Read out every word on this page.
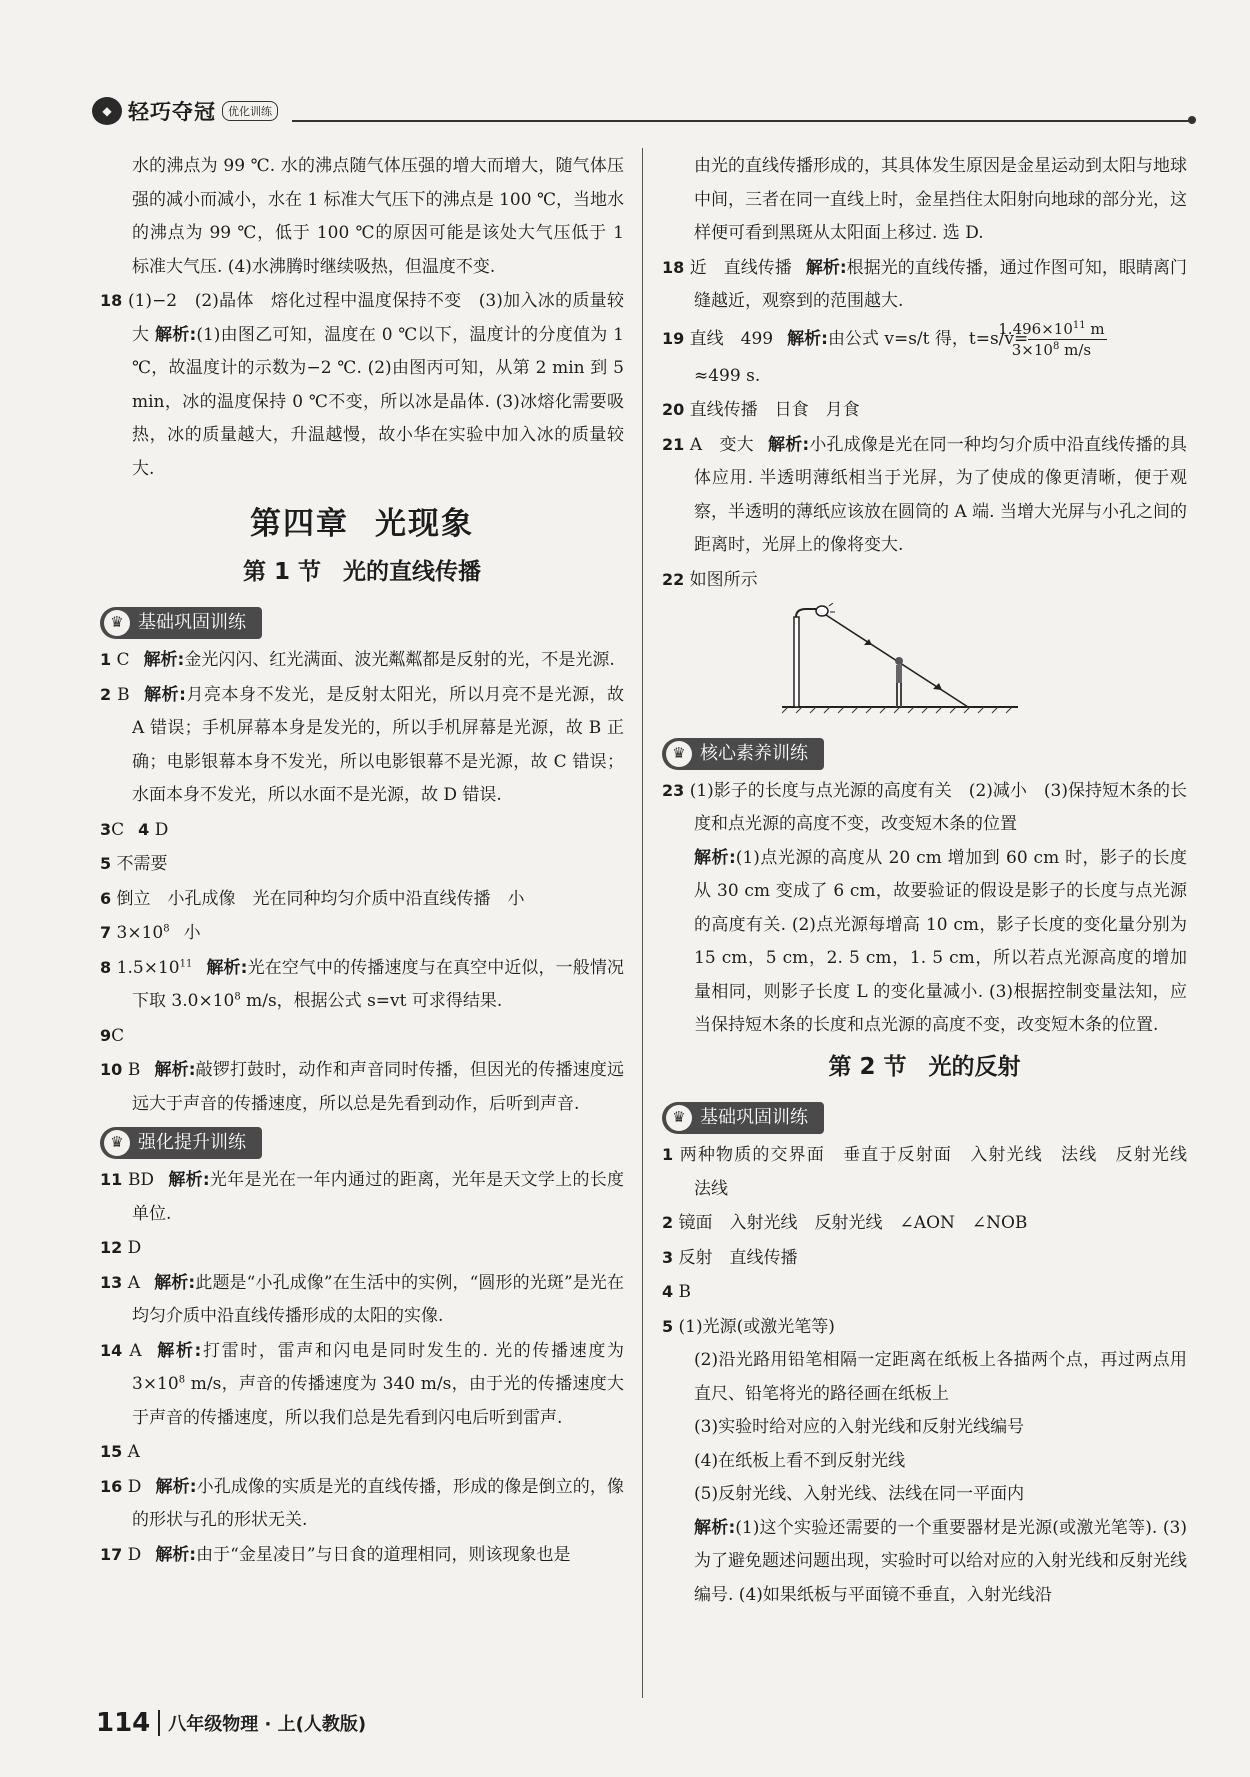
◆ 轻巧夺冠	优化训练

水的沸点为 99 ℃. 水的沸点随气体压强的增大而增大，随气体压强的减小而减小，水在 1 标准大气压下的沸点是 100 ℃，当地水的沸点为 99 ℃，低于 100 ℃的原因可能是该处大气压低于 1 标准大气压. (4)水沸腾时继续吸热，但温度不变.

18 (1)−2　(2)晶体　熔化过程中温度保持不变　(3)加入冰的质量较大 解析:(1)由图乙可知，温度在 0 ℃以下，温度计的分度值为 1 ℃，故温度计的示数为−2 ℃. (2)由图丙可知，从第 2 min 到 5 min，冰的温度保持 0 ℃不变，所以冰是晶体. (3)冰熔化需要吸热，冰的质量越大，升温越慢，故小华在实验中加入冰的质量较大.

第四章 光现象
第 1 节 光的直线传播
♛ 基础巩固训练

1 C 解析:金光闪闪、红光满面、波光粼粼都是反射的光，不是光源.

2 B 解析:月亮本身不发光，是反射太阳光，所以月亮不是光源，故 A 错误；手机屏幕本身是发光的，所以手机屏幕是光源，故 B 正确；电影银幕本身不发光，所以电影银幕不是光源，故 C 错误；水面本身不发光，所以水面不是光源，故 D 错误.

3C 4 D

5 不需要

6 倒立　小孔成像　光在同种均匀介质中沿直线传播　小

7 $3\times 10^8$ 小

8 $1.5\times 10^{11}$ 解析:光在空气中的传播速度与在真空中近似，一般情况下取 $3.0\times 10^8$ m/s，根据公式 s=vt 可求得结果.

9C

10 B 解析:敲锣打鼓时，动作和声音同时传播，但因光的传播速度远远大于声音的传播速度，所以总是先看到动作，后听到声音.

♛ 强化提升训练

11 BD 解析:光年是光在一年内通过的距离，光年是天文学上的长度单位.

12 D

13 A 解析:此题是“小孔成像”在生活中的实例，“圆形的光斑”是光在均匀介质中沿直线传播形成的太阳的实像.

14 A 解析:打雷时，雷声和闪电是同时发生的. 光的传播速度为 $3\times 10^8$ m/s，声音的传播速度为 340 m/s，由于光的传播速度大于声音的传播速度，所以我们总是先看到闪电后听到雷声.

15 A

16 D 解析:小孔成像的实质是光的直线传播，形成的像是倒立的，像的形状与孔的形状无关.

17 D 解析:由于“金星凌日”与日食的道理相同，则该现象也是

由光的直线传播形成的，其具体发生原因是金星运动到太阳与地球中间，三者在同一直线上时，金星挡住太阳射向地球的部分光，这样便可看到黑斑从太阳面上移过. 选 D.

18 近　直线传播 解析:根据光的直线传播，通过作图可知，眼睛离门缝越近，观察到的范围越大.

19 直线　499 解析:由公式 v=s/t 得，$t=s/v= \frac{1.496\times 10^{11} m}{3\times 10^8 m/s}$

≈499 s.

20 直线传播　日食　月食

21 A　变大 解析:小孔成像是光在同一种均匀介质中沿直线传播的具体应用. 半透明薄纸相当于光屏，为了使成的像更清晰，便于观察，半透明的薄纸应该放在圆筒的 A 端. 当增大光屏与小孔之间的距离时，光屏上的像将变大.

22 如图所示

♛ 核心素养训练

23 (1)影子的长度与点光源的高度有关　(2)减小　(3)保持短木条的长度和点光源的高度不变，改变短木条的位置

解析:(1)点光源的高度从 20 cm 增加到 60 cm 时，影子的长度从 30 cm 变成了 6 cm，故要验证的假设是影子的长度与点光源的高度有关. (2)点光源每增高 10 cm，影子长度的变化量分别为 15 cm，5 cm，2. 5 cm，1. 5 cm，所以若点光源高度的增加量相同，则影子长度 L 的变化量减小. (3)根据控制变量法知，应当保持短木条的长度和点光源的高度不变，改变短木条的位置.

第 2 节 光的反射
♛ 基础巩固训练

1 两种物质的交界面　垂直于反射面　入射光线　法线　反射光线　法线

2 镜面　入射光线　反射光线　∠AON　∠NOB

3 反射　直线传播

4 B

5 (1)光源(或激光笔等)

(2)沿光路用铅笔相隔一定距离在纸板上各描两个点，再过两点用直尺、铅笔将光的路径画在纸板上

(3)实验时给对应的入射光线和反射光线编号

(4)在纸板上看不到反射光线

(5)反射光线、入射光线、法线在同一平面内

解析:(1)这个实验还需要的一个重要器材是光源(或激光笔等). (3)为了避免题述问题出现，实验时可以给对应的入射光线和反射光线编号. (4)如果纸板与平面镜不垂直，入射光线沿

114 八年级物理 · 上(人教版)
